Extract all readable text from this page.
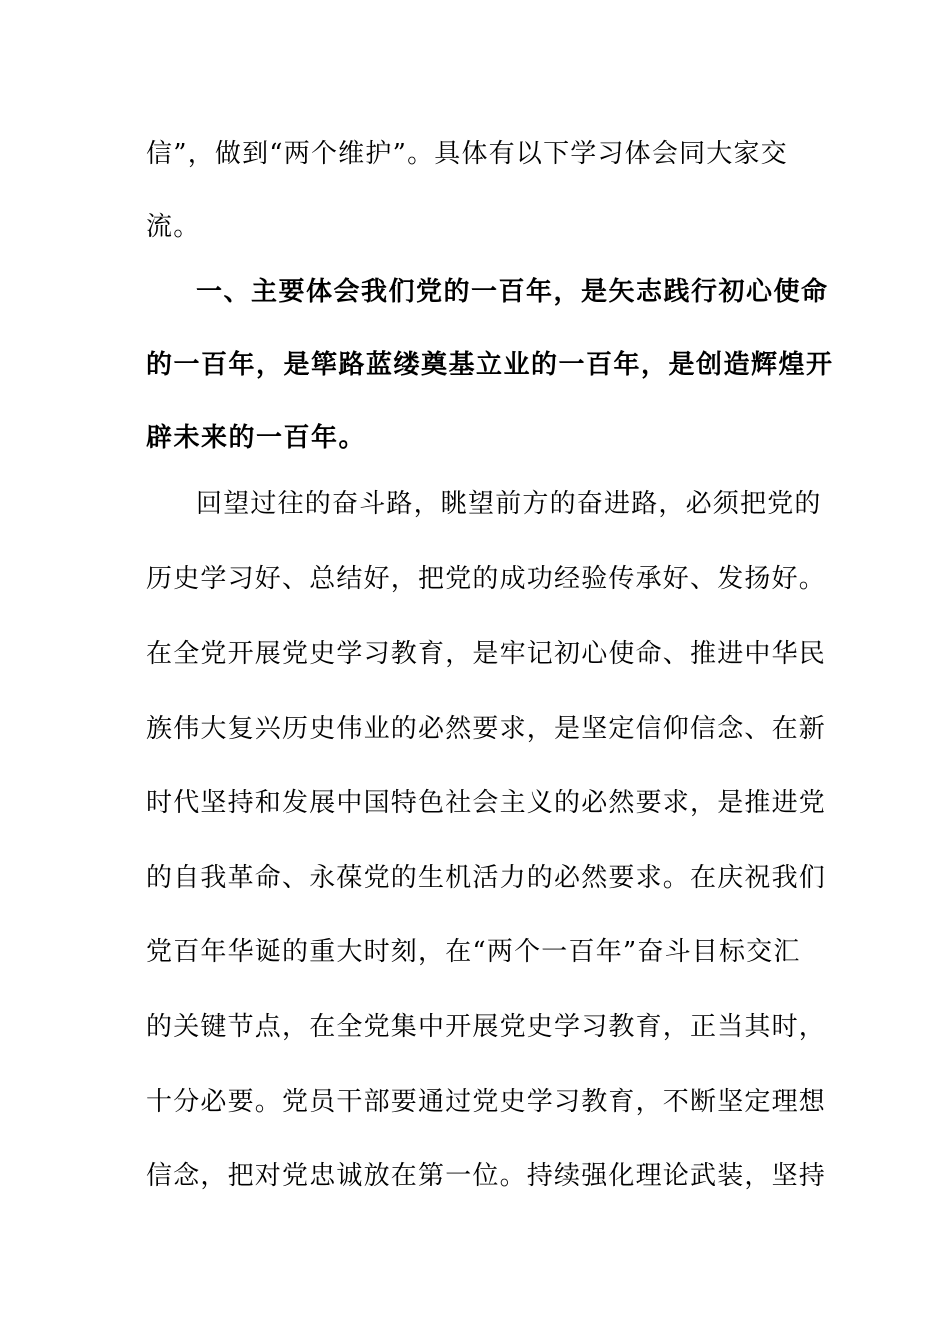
信”，做到“两个维护”。具体有以下学习体会同大家交
流。
一、主要体会我们党的一百年，是矢志践行初心使命
的一百年，是筚路蓝缕奠基立业的一百年，是创造辉煌开
辟未来的一百年。
回望过往的奋斗路，眺望前方的奋进路，必须把党的
历史学习好、总结好，把党的成功经验传承好、发扬好。
在全党开展党史学习教育，是牢记初心使命、推进中华民
族伟大复兴历史伟业的必然要求，是坚定信仰信念、在新
时代坚持和发展中国特色社会主义的必然要求，是推进党
的自我革命、永葆党的生机活力的必然要求。在庆祝我们
党百年华诞的重大时刻，在“两个一百年”奋斗目标交汇
的关键节点，在全党集中开展党史学习教育，正当其时，
十分必要。党员干部要通过党史学习教育，不断坚定理想
信念，把对党忠诚放在第一位。持续强化理论武装，坚持
